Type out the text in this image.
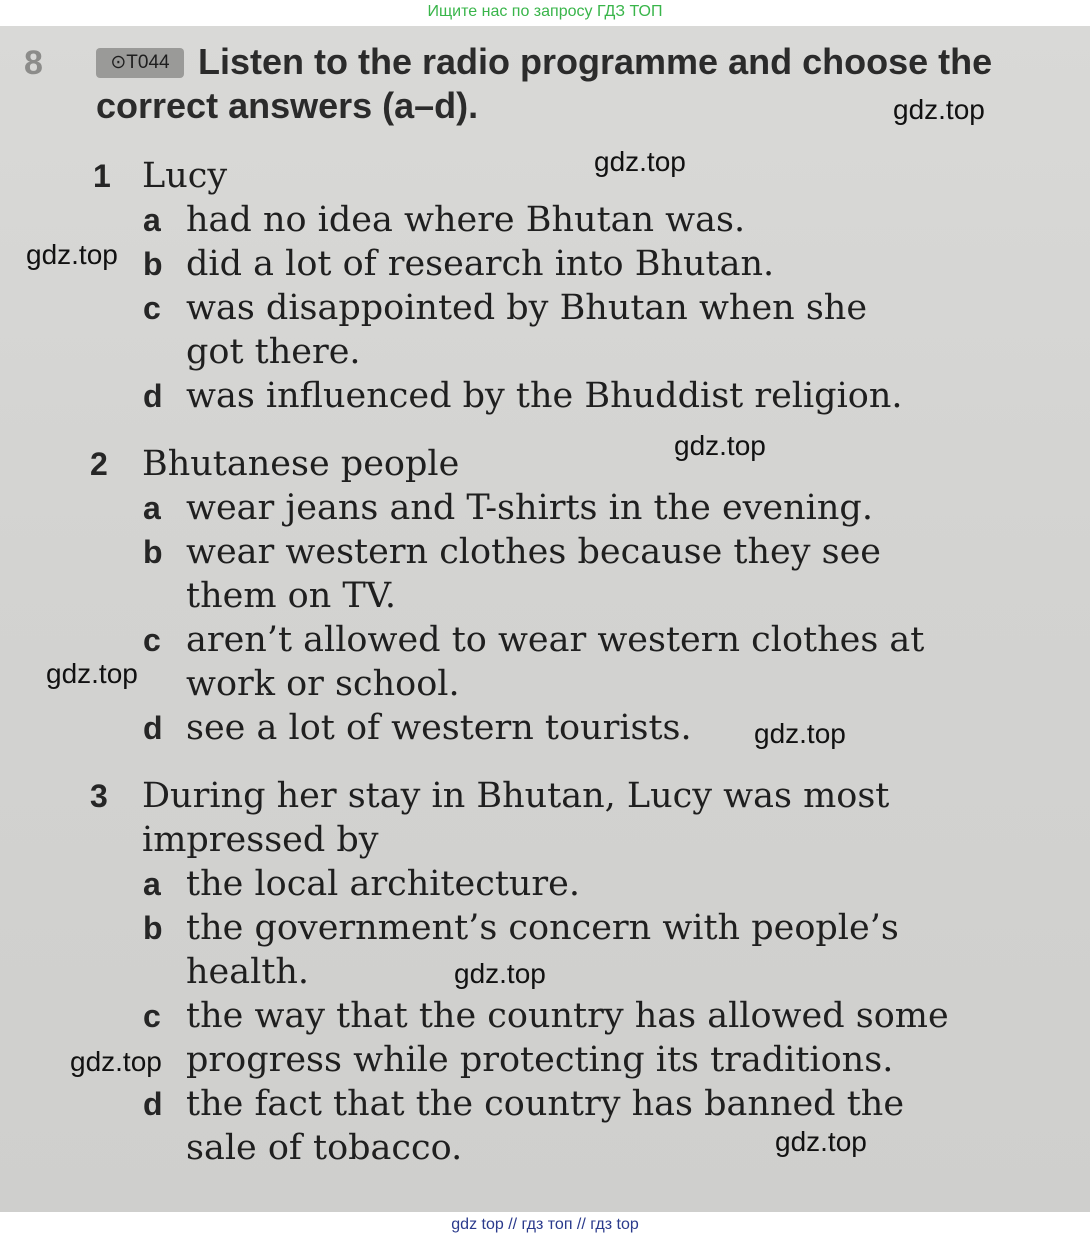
Ищите нас по запросу ГДЗ ТОП
8	⊙T044 Listen to the radio programme and choose the correct answers (a–d).
1 Lucy
a had no idea where Bhutan was.
b did a lot of research into Bhutan.
c was disappointed by Bhutan when she
got there.
d was influenced by the Bhuddist religion.
2 Bhutanese people
a wear jeans and T-shirts in the evening.
b wear western clothes because they see
them on TV.
c aren’t allowed to wear western clothes at
work or school.
d see a lot of western tourists.
3 During her stay in Bhutan, Lucy was most
impressed by
a the local architecture.
b the government’s concern with people’s
health.
c the way that the country has allowed some
progress while protecting its traditions.
d the fact that the country has banned the
sale of tobacco.
gdz.top
gdz.top
gdz.top
gdz.top
gdz.top
gdz.top
gdz.top
gdz.top
gdz.top
gdz top // гдз топ // гдз top
